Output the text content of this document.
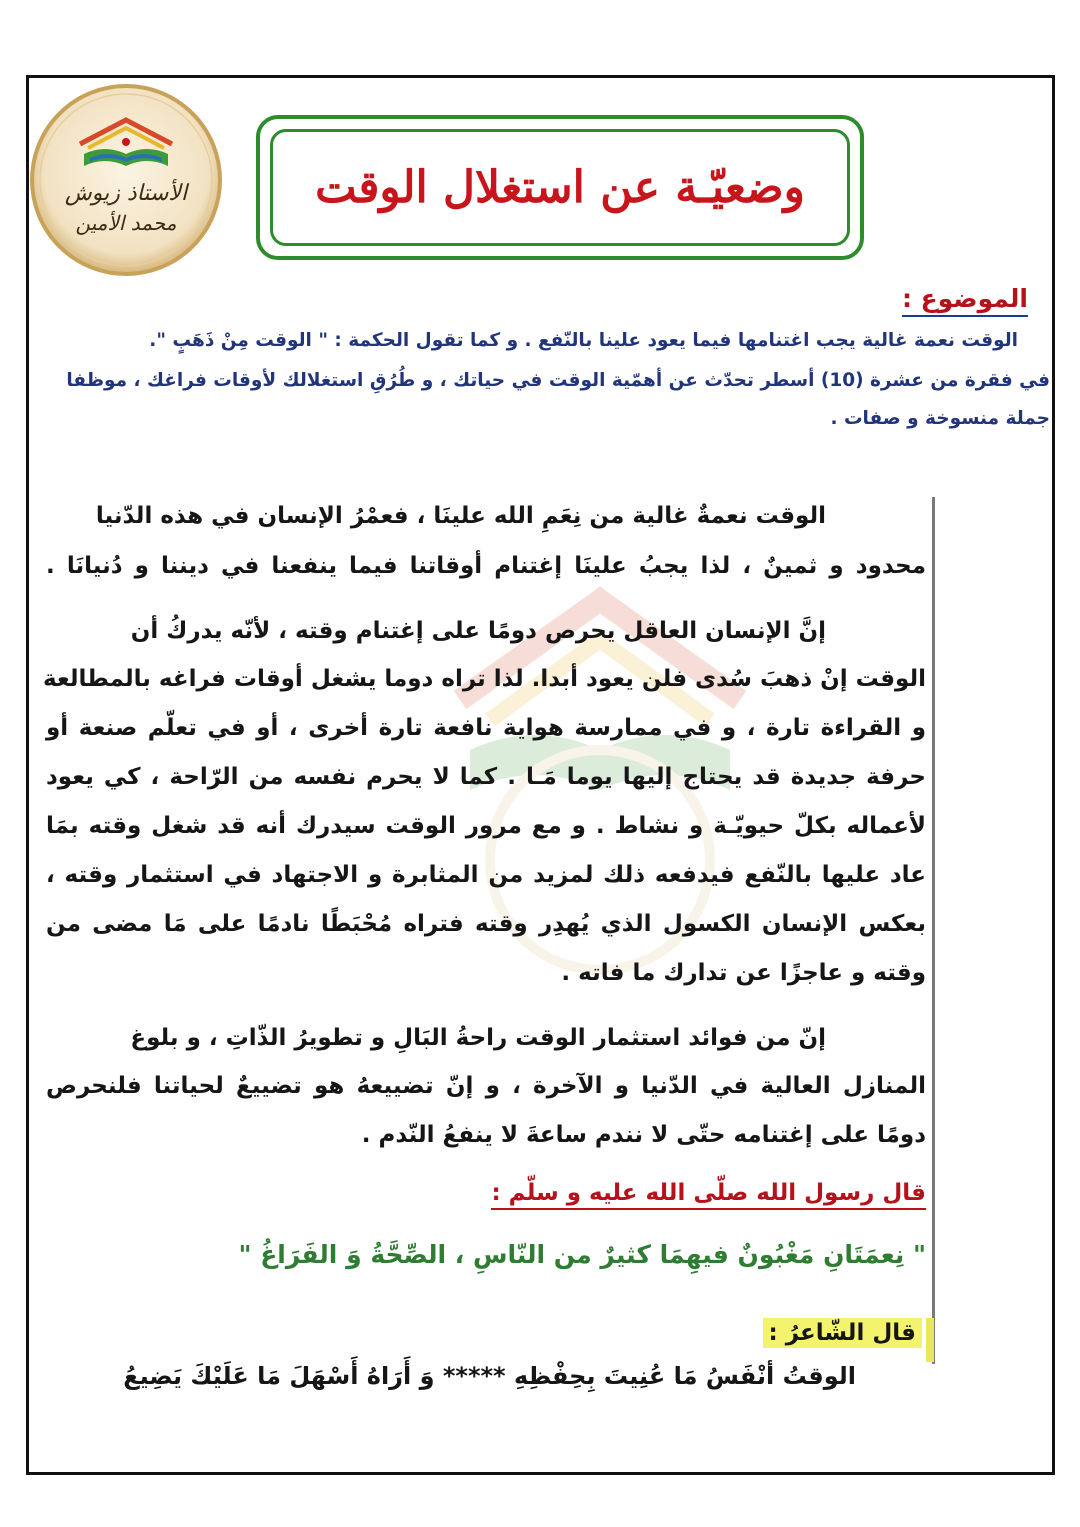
الأستاذ زيوش
محمد الأمين
وضعيّـة عن استغلال الوقت
الموضوع :
الوقت نعمة غالية يجب اغتنامها فيما يعود علينا بالنّفع . و كما تقول الحكمة : " الوقت مِنْ ذَهَبٍ ".
في فقرة من عشرة (10) أسطر تحدّث عن أهمّية الوقت في حياتك ، و طُرُقِ استغلالك لأوقات فراغك ، موظفا
جملة منسوخة و صفات .
الوقت نعمةٌ غالية من نِعَمِ الله علينَا ، فعمْرُ الإنسان في هذه الدّنيا
محدود و ثمينٌ ، لذا يجبُ علينَا إغتنام أوقاتنا فيما ينفعنا في ديننا و دُنيانَا .
إنَّ الإنسان العاقل يحرص دومًا على إغتنام وقته ، لأنّه يدركُ أن
الوقت إنْ ذهبَ سُدى فلن يعود أبدا. لذا تراه دوما يشغل أوقات فراغه بالمطالعة
و القراءة تارة ، و في ممارسة هواية نافعة تارة أخرى ، أو في تعلّم صنعة أو
حرفة جديدة قد يحتاج إليها يوما مَـا . كما لا يحرم نفسه من الرّاحة ، كي يعود
لأعماله بكلّ حيويّـة و نشاط . و مع مرور الوقت سيدرك أنه قد شغل وقته بمَا
عاد عليها بالنّفع فيدفعه ذلك لمزيد من المثابرة و الاجتهاد في استثمار وقته ،
بعكس الإنسان الكسول الذي يُهدِر وقته فتراه مُحْبَطًا نادمًا على مَا مضى من
وقته و عاجزًا عن تدارك ما فاته .
إنّ من فوائد استثمار الوقت راحةُ البَالِ و تطويرُ الذّاتِ ، و بلوغ
المنازل العالية في الدّنيا و الآخرة ، و إنّ تضييعهُ هو تضييعٌ لحياتنا فلنحرص
دومًا على إغتنامه حتّى لا نندم ساعةَ لا ينفعُ النّدم .
قال رسول الله صلّى الله عليه و سلّم :
" نِعمَتَانِ مَغْبُونٌ فيهِمَا كثيرٌ من النّاسِ ، الصِّحَّةُ وَ الفَرَاغُ "
قال الشّاعرُ :
الوقتُ أنْفَسُ مَا عُنِيتَ بِحِفْظِهِ ***** وَ أَرَاهُ أَسْهَلَ مَا عَلَيْكَ يَضِيعُ
